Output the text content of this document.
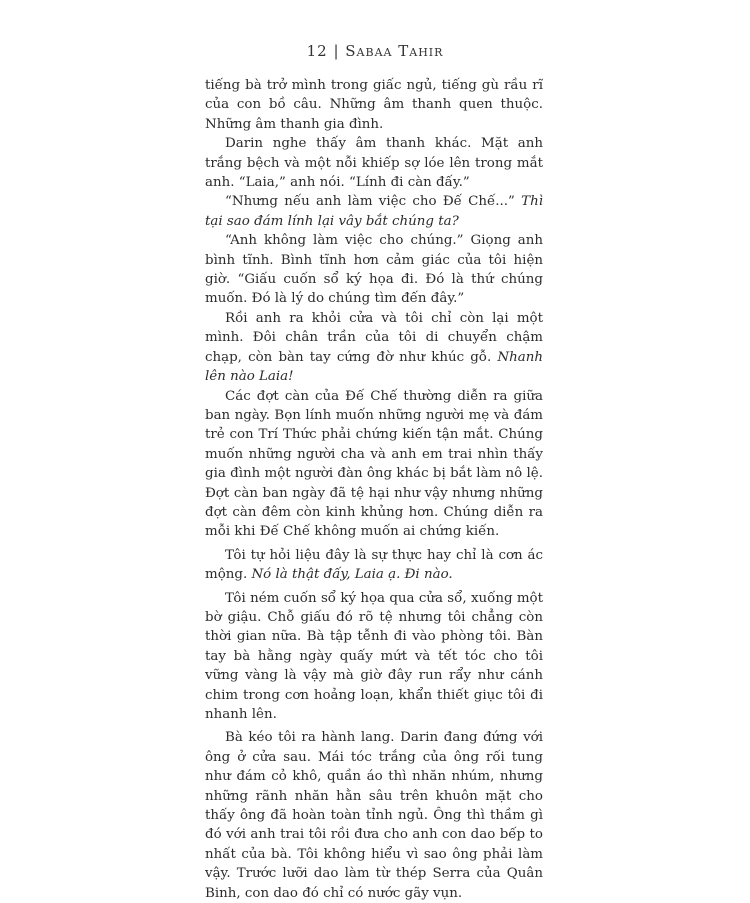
12 | Sabaa Tahir

tiếng bà trở mình trong giấc ngủ, tiếng gù rầu rĩ của con bồ câu. Những âm thanh quen thuộc. Những âm thanh gia đình.

Darin nghe thấy âm thanh khác. Mặt anh trắng bệch và một nỗi khiếp sợ lóe lên trong mắt anh. “Laia,” anh nói. “Lính đi càn đấy.”

“Nhưng nếu anh làm việc cho Đế Chế...” Thì tại sao đám lính lại vây bắt chúng ta?

“Anh không làm việc cho chúng.” Giọng anh bình tĩnh. Bình tĩnh hơn cảm giác của tôi hiện giờ. “Giấu cuốn sổ ký họa đi. Đó là thứ chúng muốn. Đó là lý do chúng tìm đến đây.”

Rồi anh ra khỏi cửa và tôi chỉ còn lại một mình. Đôi chân trần của tôi di chuyển chậm chạp, còn bàn tay cứng đờ như khúc gỗ. Nhanh lên nào Laia!

Các đợt càn của Đế Chế thường diễn ra giữa ban ngày. Bọn lính muốn những người mẹ và đám trẻ con Trí Thức phải chứng kiến tận mắt. Chúng muốn những người cha và anh em trai nhìn thấy gia đình một người đàn ông khác bị bắt làm nô lệ. Đợt càn ban ngày đã tệ hại như vậy nhưng những đợt càn đêm còn kinh khủng hơn. Chúng diễn ra mỗi khi Đế Chế không muốn ai chứng kiến.

Tôi tự hỏi liệu đây là sự thực hay chỉ là cơn ác mộng. Nó là thật đấy, Laia ạ. Đi nào.

Tôi ném cuốn sổ ký họa qua cửa sổ, xuống một bờ giậu. Chỗ giấu đó rõ tệ nhưng tôi chẳng còn thời gian nữa. Bà tập tễnh đi vào phòng tôi. Bàn tay bà hằng ngày quấy mứt và tết tóc cho tôi vững vàng là vậy mà giờ đây run rẩy như cánh chim trong cơn hoảng loạn, khẩn thiết giục tôi đi nhanh lên.

Bà kéo tôi ra hành lang. Darin đang đứng với ông ở cửa sau. Mái tóc trắng của ông rối tung như đám cỏ khô, quần áo thì nhăn nhúm, nhưng những rãnh nhăn hằn sâu trên khuôn mặt cho thấy ông đã hoàn toàn tỉnh ngủ. Ông thì thầm gì đó với anh trai tôi rồi đưa cho anh con dao bếp to nhất của bà. Tôi không hiểu vì sao ông phải làm vậy. Trước lưỡi dao làm từ thép Serra của Quân Binh, con dao đó chỉ có nước gãy vụn.
